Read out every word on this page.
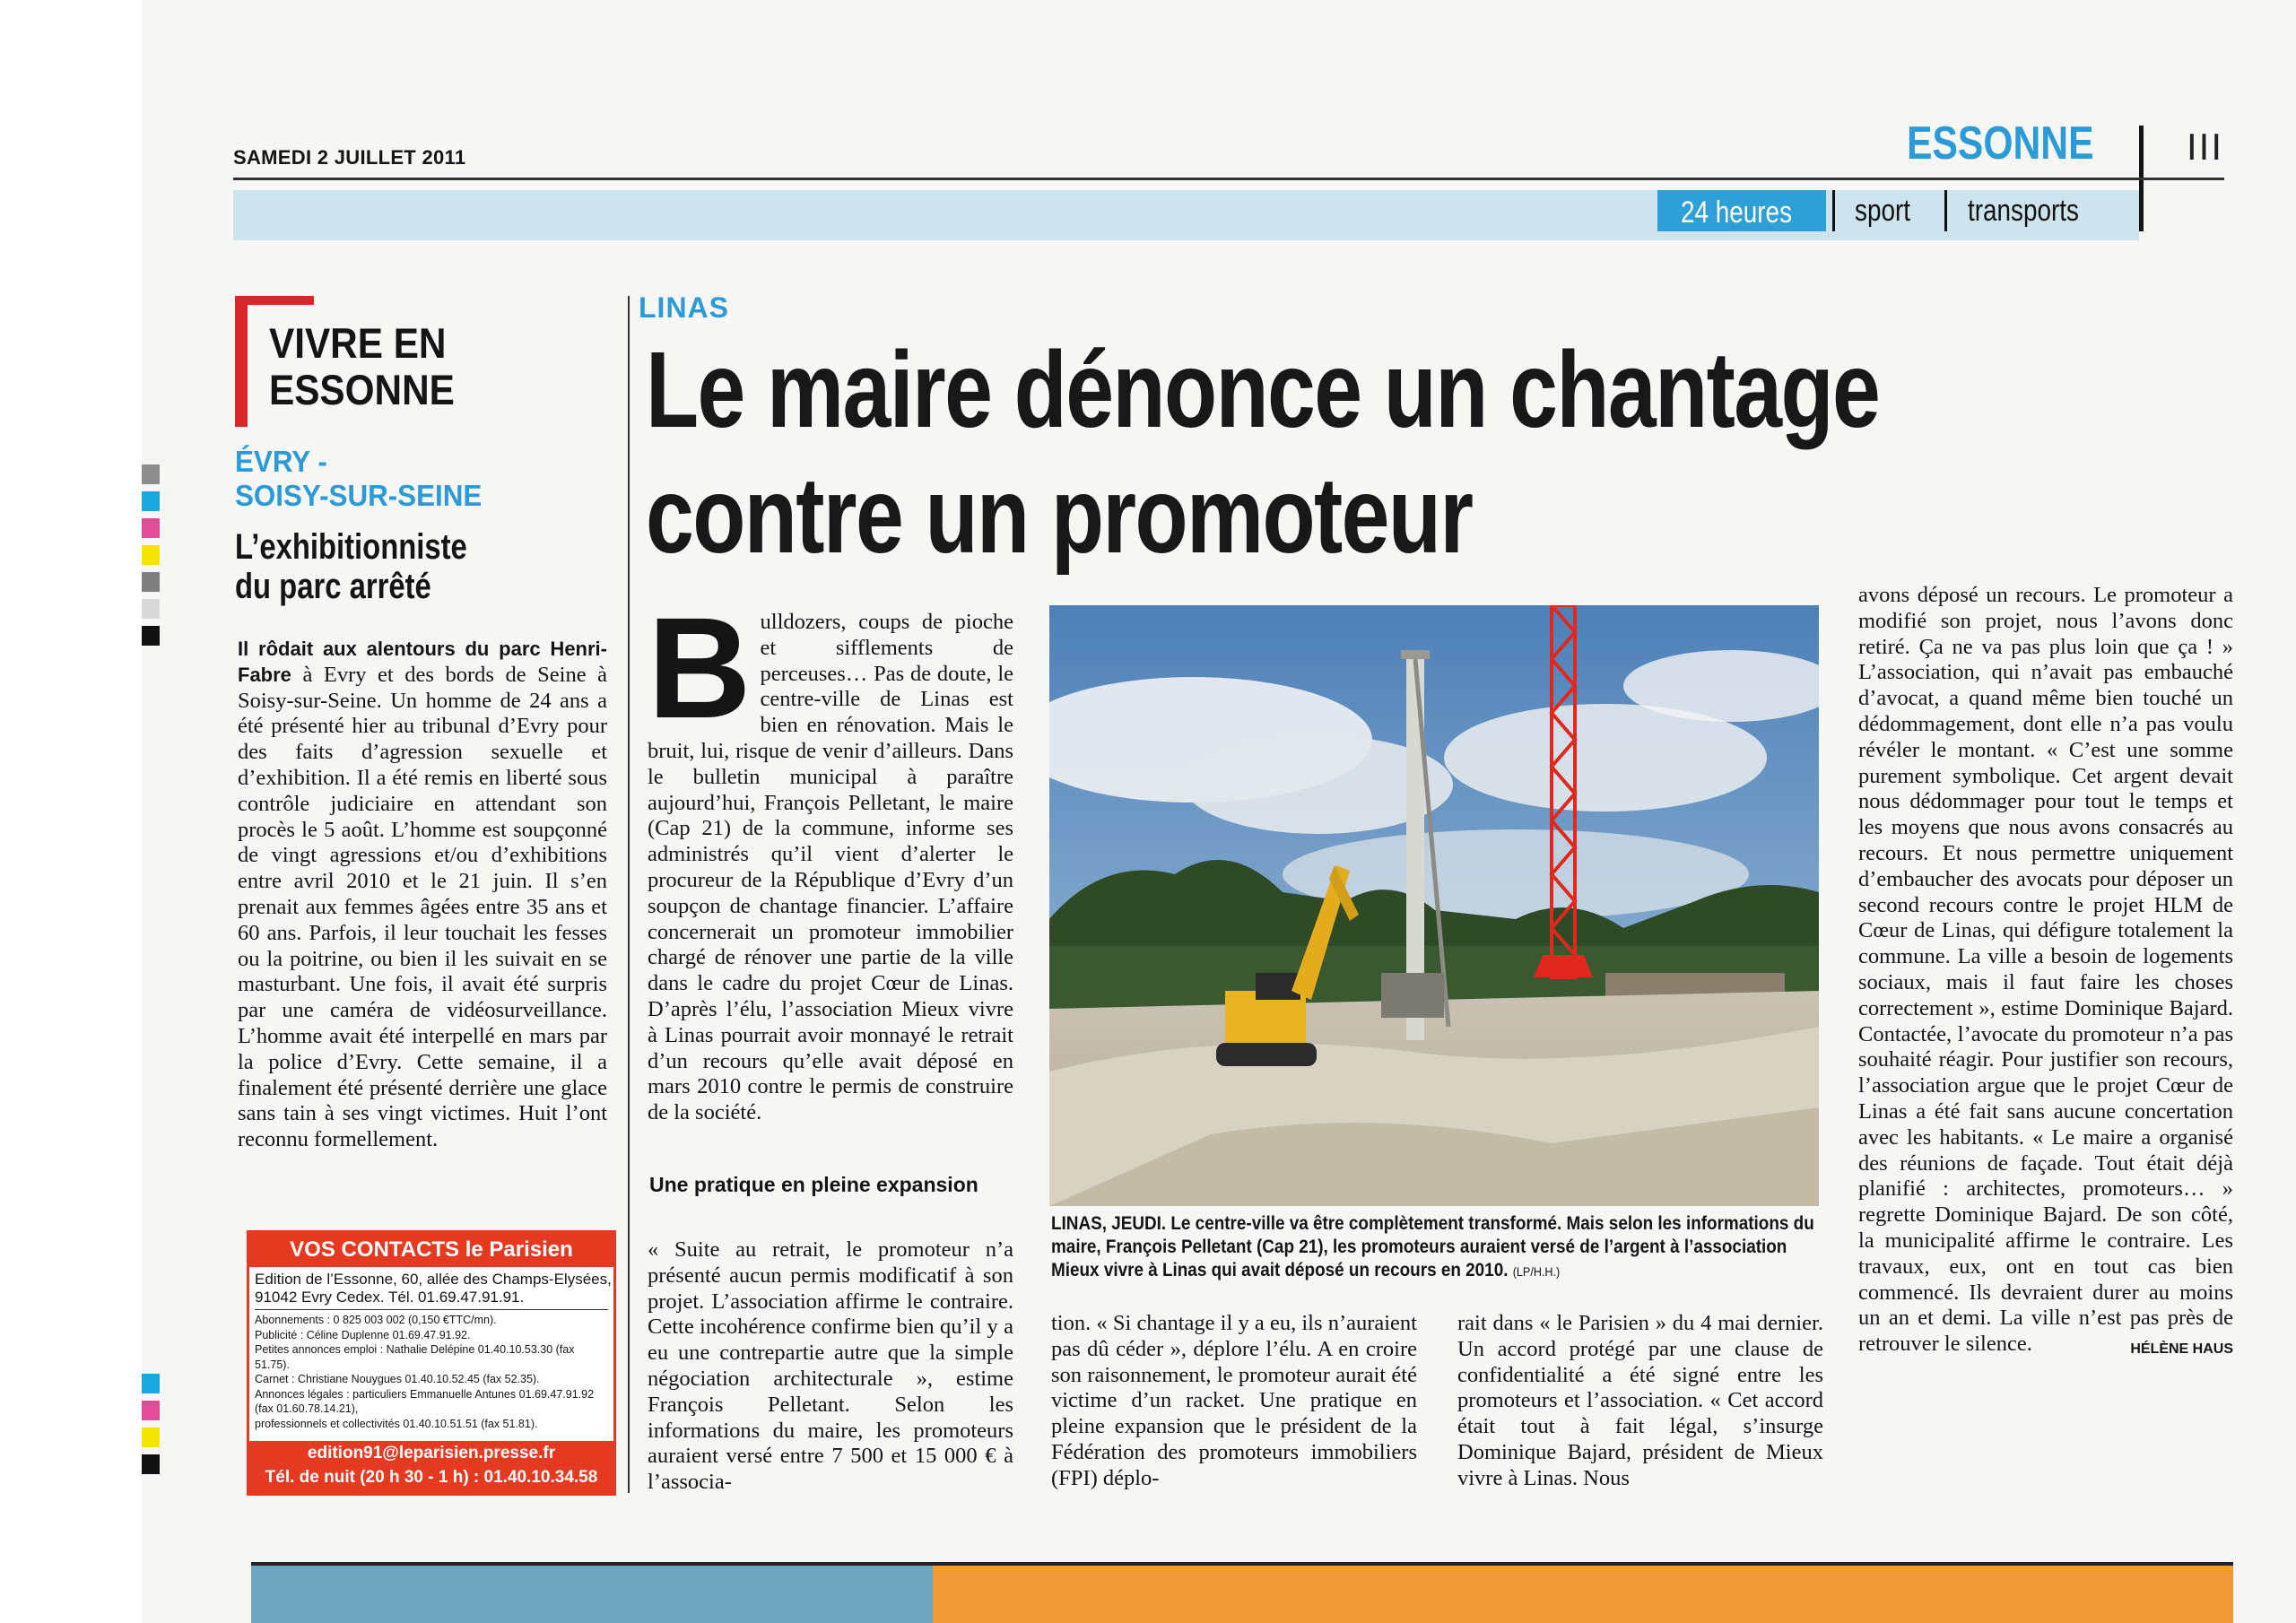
SAMEDI 2 JUILLET 2011	ESSONNE III
24 heures sport transports
VIVRE EN
ESSONNE
ÉVRY -
SOISY-SUR-SEINE
L’exhibitionniste
du parc arrêté

Il rôdait aux alentours du parc Henri-Fabre à Evry et des bords de Seine à Soisy-sur-Seine. Un homme de 24 ans a été présenté hier au tribunal d’Evry pour des faits d’agression sexuelle et d’exhibition. Il a été remis en liberté sous contrôle judiciaire en attendant son procès le 5 août. L’homme est soupçonné de vingt agressions et/ou d’exhibitions entre avril 2010 et le 21 juin. Il s’en prenait aux femmes âgées entre 35 ans et 60 ans. Parfois, il leur touchait les fesses ou la poitrine, ou bien il les suivait en se masturbant. Une fois, il avait été surpris par une caméra de vidéosurveillance. L’homme avait été interpellé en mars par la police d’Evry. Cette semaine, il a finalement été présenté derrière une glace sans tain à ses vingt victimes. Huit l’ont reconnu formellement.

VOS CONTACTS le Parisien
Edition de l’Essonne, 60, allée des Champs-Elysées,
91042 Evry Cedex. Tél. 01.69.47.91.91.
Abonnements : 0 825 003 002 (0,150 €TTC/mn).
Publicité : Céline Duplenne 01.69.47.91.92.
Petites annonces emploi : Nathalie Delépine 01.40.10.53.30 (fax 51.75).
Carnet : Christiane Nouygues 01.40.10.52.45 (fax 52.35).
Annonces légales : particuliers Emmanuelle Antunes 01.69.47.91.92 (fax 01.60.78.14.21),
professionnels et collectivités 01.40.10.51.51 (fax 51.81).
edition91@leparisien.presse.fr
Tél. de nuit (20 h 30 - 1 h) : 01.40.10.34.58
LINAS
Le maire dénonce un chantage
contre un promoteur
B ulldozers, coups de pioche et sifflements de perceuses… Pas de doute, le centre-ville de Linas est bien en rénovation. Mais le bruit, lui, risque de venir d’ailleurs. Dans le bulletin municipal à paraître aujourd’hui, François Pelletant, le maire (Cap 21) de la commune, informe ses administrés qu’il vient d’alerter le procureur de la République d’Evry d’un soupçon de chantage financier. L’affaire concernerait un promoteur immobilier chargé de rénover une partie de la ville dans le cadre du projet Cœur de Linas. D’après l’élu, l’association Mieux vivre à Linas pourrait avoir monnayé le retrait d’un recours qu’elle avait déposé en mars 2010 contre le permis de construire de la société.
Une pratique en pleine expansion
« Suite au retrait, le promoteur n’a présenté aucun permis modificatif à son projet. L’association affirme le contraire. Cette incohérence confirme bien qu’il y a eu une contrepartie autre que la simple négociation architecturale », estime François Pelletant. Selon les informations du maire, les promoteurs auraient versé entre 7 500 et 15 000 € à l’associa-
LINAS, JEUDI. Le centre-ville va être complètement transformé. Mais selon les informations du maire, François Pelletant (Cap 21), les promoteurs auraient versé de l’argent à l’association Mieux vivre à Linas qui avait déposé un recours en 2010. (LP/H.H.)
tion. « Si chantage il y a eu, ils n’auraient pas dû céder », déplore l’élu. A en croire son raisonnement, le promoteur aurait été victime d’un racket. Une pratique en pleine expansion que le président de la Fédération des promoteurs immobiliers (FPI) déplo-
rait dans « le Parisien » du 4 mai dernier. Un accord protégé par une clause de confidentialité a été signé entre les promoteurs et l’association. « Cet accord était tout à fait légal, s’insurge Dominique Bajard, président de Mieux vivre à Linas. Nous

avons déposé un recours. Le promoteur a modifié son projet, nous l’avons donc retiré. Ça ne va pas plus loin que ça ! » L’association, qui n’avait pas embauché d’avocat, a quand même bien touché un dédommagement, dont elle n’a pas voulu révéler le montant. « C’est une somme purement symbolique. Cet argent devait nous dédommager pour tout le temps et les moyens que nous avons consacrés au recours. Et nous permettre uniquement d’embaucher des avocats pour déposer un second recours contre le projet HLM de Cœur de Linas, qui défigure totalement la commune. La ville a besoin de logements sociaux, mais il faut faire les choses correctement », estime Dominique Bajard. Contactée, l’avocate du promoteur n’a pas souhaité réagir. Pour justifier son recours, l’association argue que le projet Cœur de Linas a été fait sans aucune concertation avec les habitants. « Le maire a organisé des réunions de façade. Tout était déjà planifié : architectes, promoteurs… » regrette Dominique Bajard. De son côté, la municipalité affirme le contraire. Les travaux, eux, ont en tout cas bien commencé. Ils devraient durer au moins un an et demi. La ville n’est pas près de retrouver le silence.	HÉLÈNE HAUS
